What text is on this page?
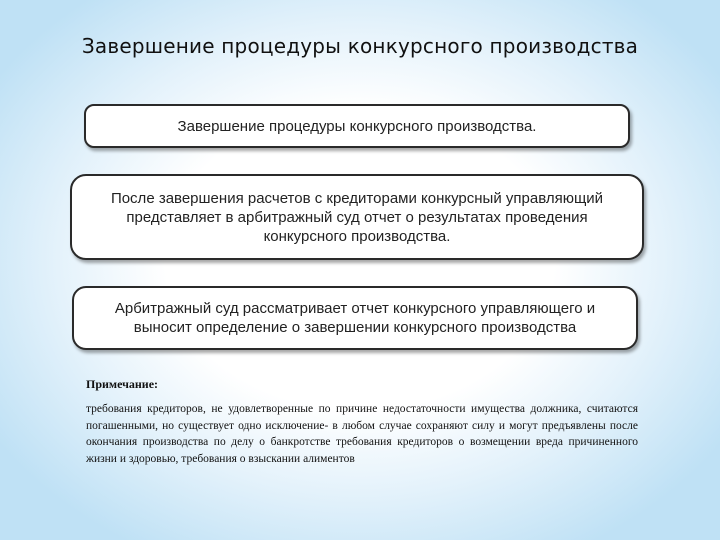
Завершение процедуры конкурсного производства
Завершение процедуры конкурсного производства.
После завершения расчетов с кредиторами конкурсный управляющий представляет в арбитражный суд отчет о результатах проведения конкурсного производства.
Арбитражный суд рассматривает отчет конкурсного управляющего и выносит определение о завершении конкурсного производства
Примечание:
требования кредиторов, не удовлетворенные по причине недостаточности имущества должника, считаются погашенными, но существует одно исключение- в любом случае сохраняют силу и могут предъявлены после окончания производства по делу о банкротстве требования кредиторов о возмещении вреда причиненного жизни и здоровью, требования о взыскании алиментов
